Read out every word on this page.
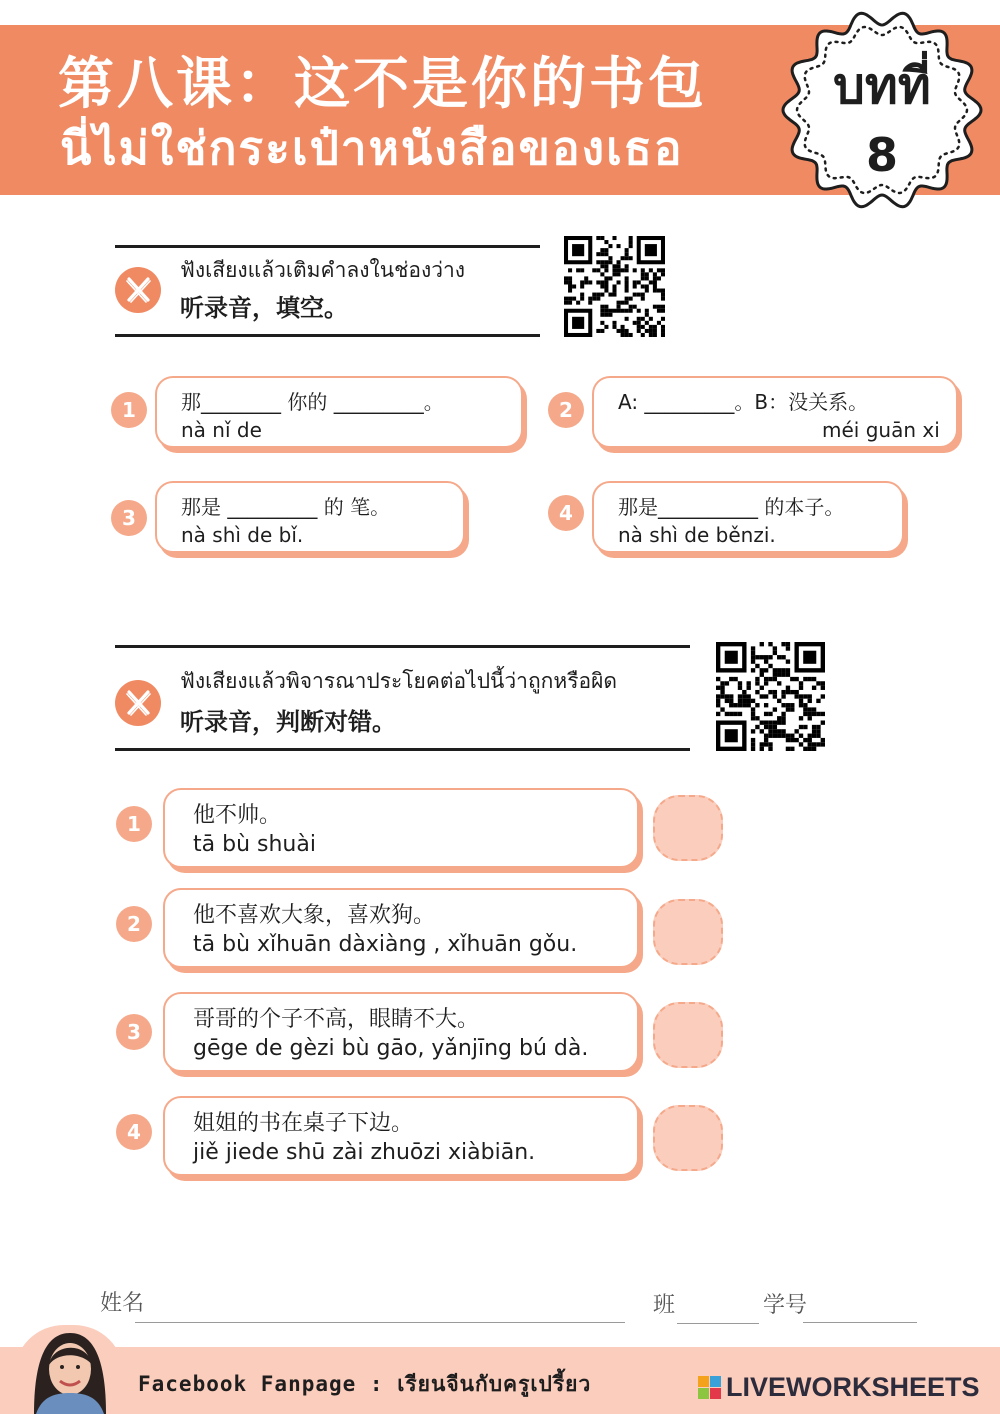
第八课：这不是你的书包
นี่ไม่ใช่กระเป๋าหนังสือของเธอ
บทที่
8
ฟังเสียงแล้วเติมคำลงในช่องว่าง
听录音，填空。
1	那________ 你的 _________。
nà nǐ de
2	A: _________。B：没关系。
méi guān xi
3	那是 _________ 的 笔。
nà shì de bǐ.
4	那是__________ 的本子。
nà shì de běnzi.
ฟังเสียงแล้วพิจารณาประโยคต่อไปนี้ว่าถูกหรือผิด
听录音，判断对错。
1	他不帅。
tā bù shuài
2	他不喜欢大象，喜欢狗。
tā bù xǐhuān dàxiàng , xǐhuān gǒu.
3	哥哥的个子不高，眼睛不大。
gēge de gèzi bù gāo, yǎnjīng bú dà.
4	姐姐的书在桌子下边。
jiě jiede shū zài zhuōzi xiàbiān.
姓名	班	学号
Facebook Fanpage : เรียนจีนกับครูเปรี้ยว	LIVEWORKSHEETS
